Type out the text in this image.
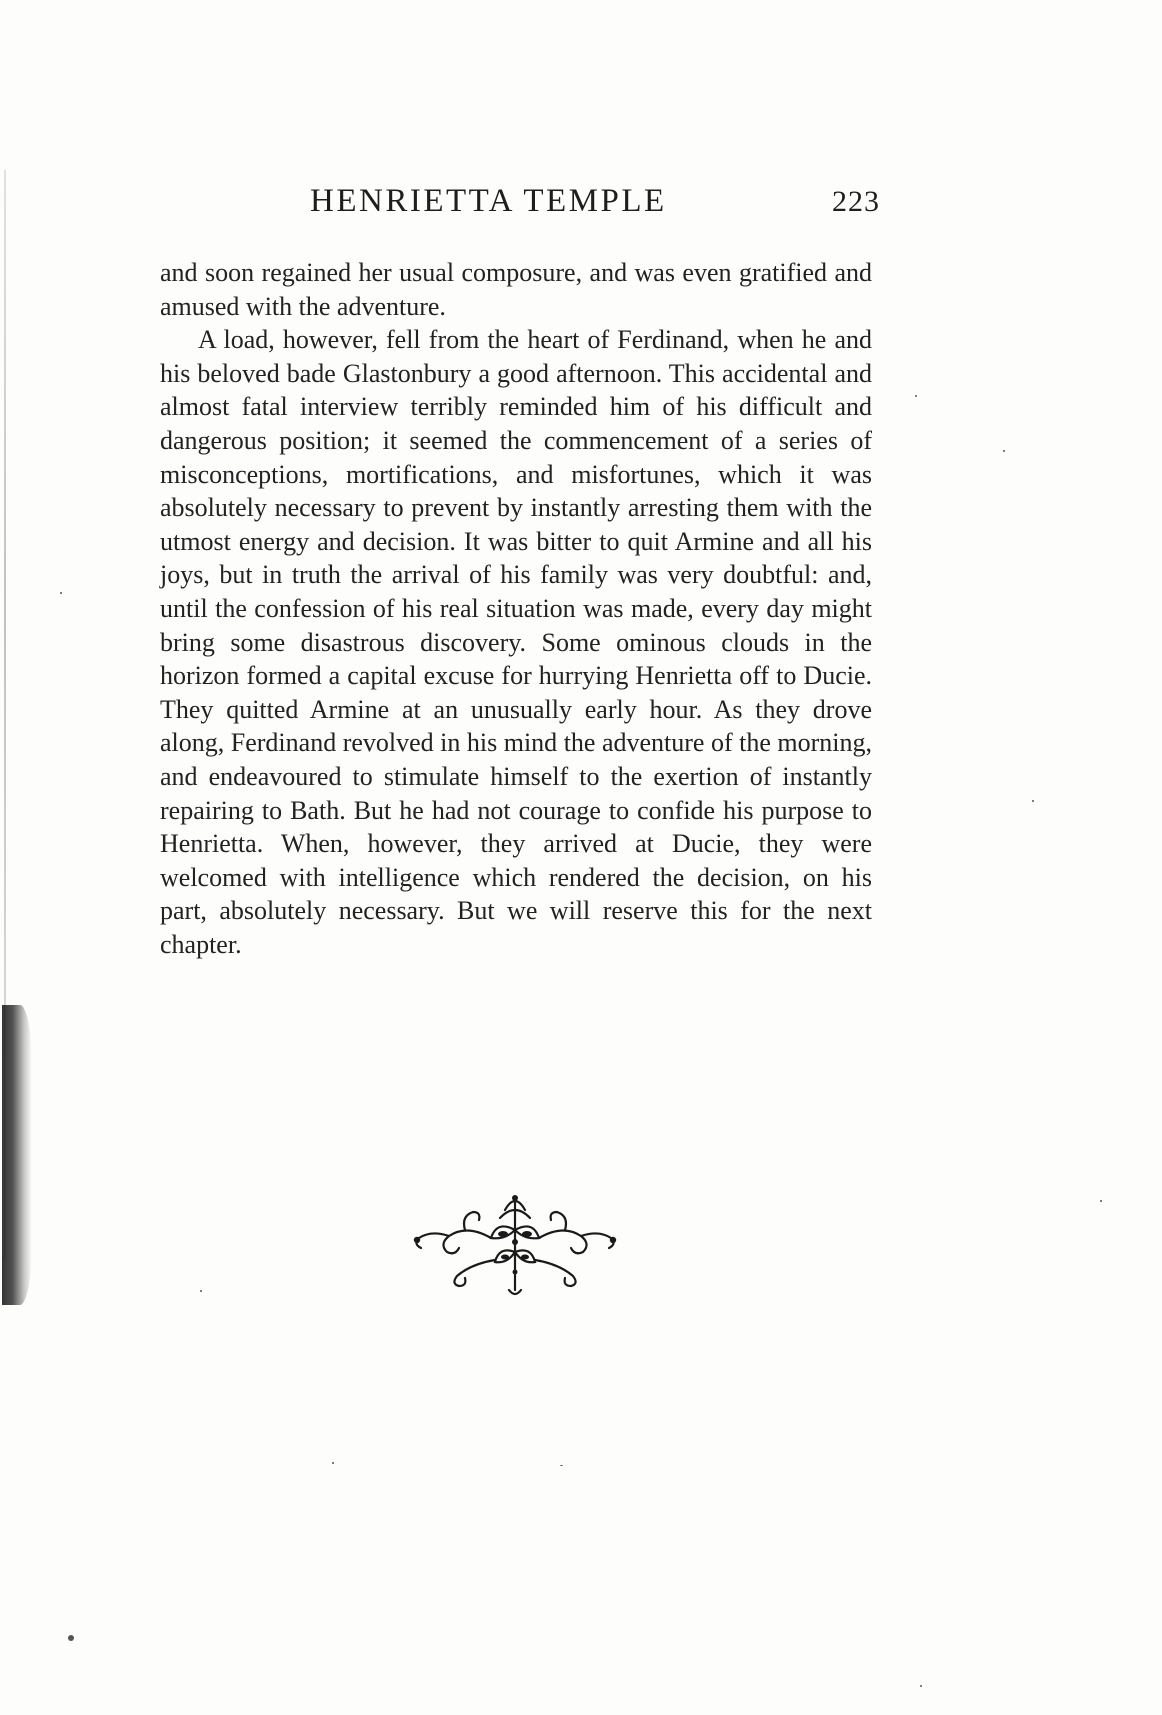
HENRIETTA TEMPLE	223

and soon regained her usual composure, and was even gratified and amused with the adventure.

A load, however, fell from the heart of Ferdinand, when he and his beloved bade Glastonbury a good afternoon. This accidental and almost fatal interview terribly reminded him of his difficult and dangerous position; it seemed the commencement of a series of misconceptions, mortifications, and misfortunes, which it was absolutely necessary to prevent by instantly arresting them with the utmost energy and decision. It was bitter to quit Armine and all his joys, but in truth the arrival of his family was very doubtful: and, until the confession of his real situation was made, every day might bring some disastrous discovery. Some ominous clouds in the horizon formed a capital excuse for hurrying Henrietta off to Ducie. They quitted Armine at an unusually early hour. As they drove along, Ferdinand revolved in his mind the adventure of the morning, and endeavoured to stimulate himself to the exertion of instantly repairing to Bath. But he had not courage to confide his purpose to Henrietta. When, however, they arrived at Ducie, they were welcomed with intelligence which rendered the decision, on his part, absolutely necessary. But we will reserve this for the next chapter.
